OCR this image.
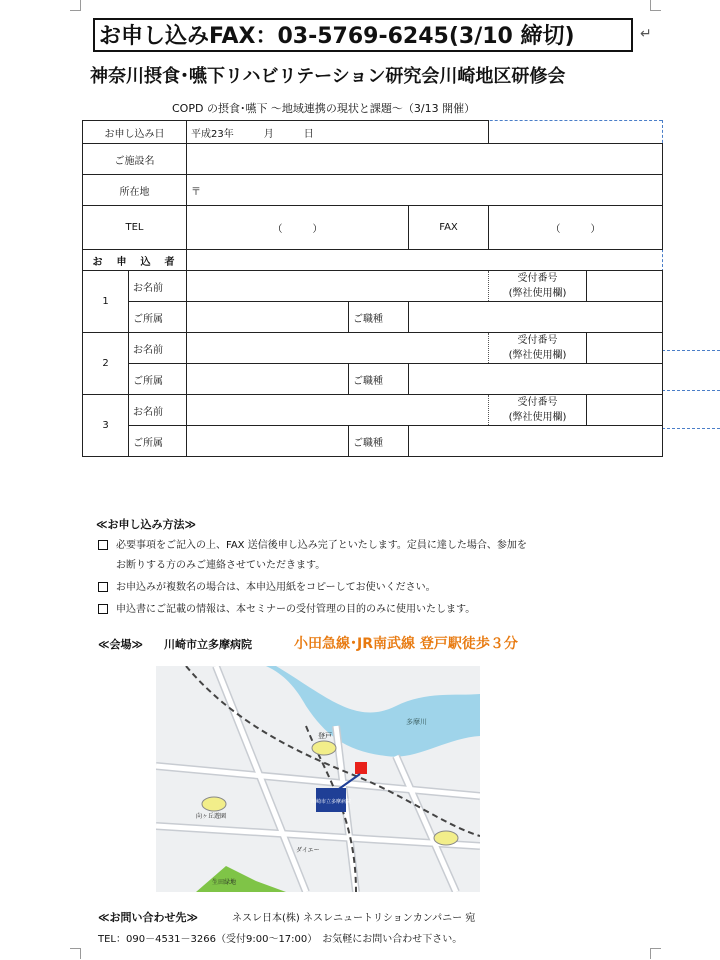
お申し込みFAX：03-5769-6245(3/10 締切)	↵
神奈川摂食･嚥下リハビリテーション研究会川崎地区研修会
COPD の摂食･嚥下 ～地域連携の現状と課題～（3/13 開催）
お申し込み日		平成23年　　　月　　　日				
ご施設名						
所在地		〒				
TEL		（　　　）		FAX	（　　　）	
お　申　込　者						
1	お名前				受付番号
(弊社使用欄)	

	ご所属		ご職種			
2	お名前				受付番号
(弊社使用欄)	

	ご所属		ご職種			
3	お名前				受付番号
(弊社使用欄)	

	ご所属		ご職種			
≪お申し込み方法≫
必要事項をご記入の上、FAX 送信後申し込み完了といたします。定員に達した場合、参加を
お断りする方のみご連絡させていただきます。
お申込みが複数名の場合は、本申込用紙をコピーしてお使いください。
申込書にご記載の情報は、本セミナーの受付管理の目的のみに使用いたします。
≪会場≫ 川崎市立多摩病院	小田急線･JR南武線 登戸駅徒歩３分
川崎市立多摩病院
多摩川
登戸
向ヶ丘遊園
生田緑地
ダイエー
≪お問い合わせ先≫	ネスレ日本(株) ネスレニュートリションカンパニー 宛
TEL：090－4531－3266（受付9:00～17:00）　お気軽にお問い合わせ下さい。
